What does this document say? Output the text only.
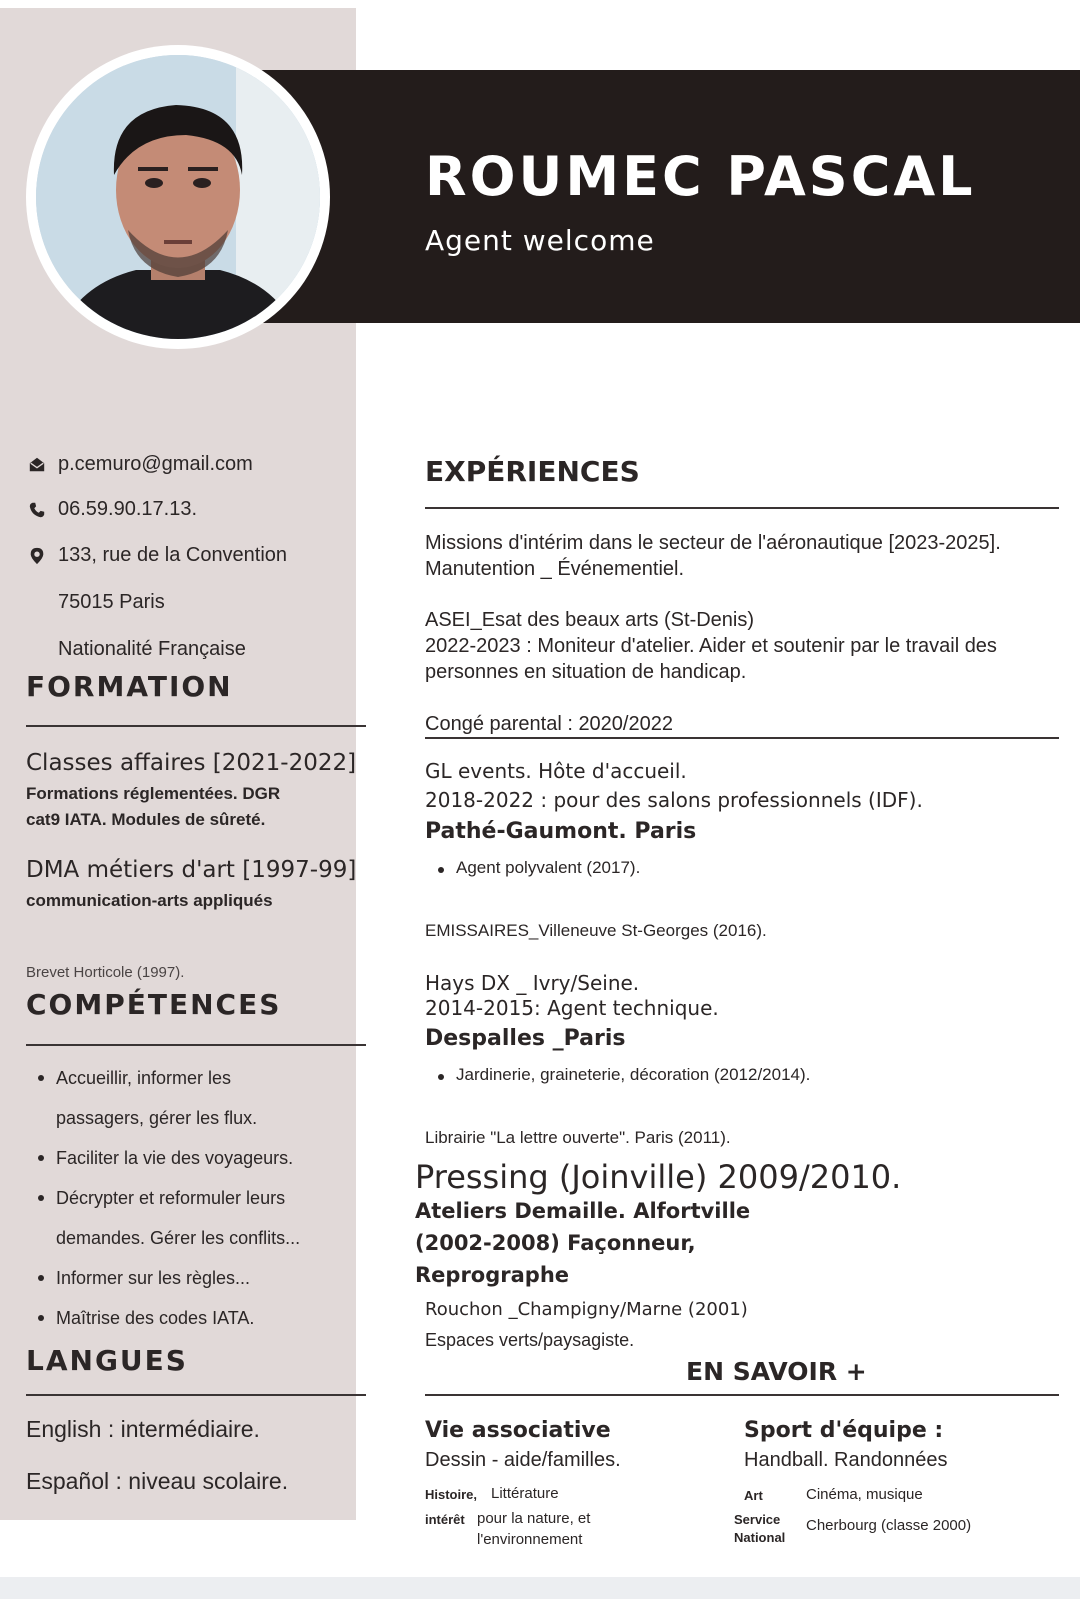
ROUMEC PASCAL
Agent welcome
p.cemuro@gmail.com
06.59.90.17.13.
133, rue de la Convention
75015 Paris
Nationalité Française
FORMATION
Classes affaires [2021-2022]
Formations réglementées. DGR
cat9 IATA. Modules de sûreté.
DMA métiers d'art [1997-99]
communication-arts appliqués
Brevet Horticole (1997).
COMPÉTENCES
Accueillir, informer les
passagers, gérer les flux.
Faciliter la vie des voyageurs.
Décrypter et reformuler leurs
demandes. Gérer les conflits...
Informer sur les règles...
Maîtrise des codes IATA.
LANGUES
English : intermédiaire.
Español : niveau scolaire.
EXPÉRIENCES
Missions d'intérim dans le secteur de l'aéronautique [2023-2025].
Manutention _ Événementiel.
ASEI_Esat des beaux arts (St-Denis)
2022-2023 : Moniteur d'atelier. Aider et soutenir par le travail des
personnes en situation de handicap.
Congé parental : 2020/2022
GL events. Hôte d'accueil.
2018-2022 : pour des salons professionnels (IDF).
Pathé-Gaumont. Paris
Agent polyvalent (2017).
EMISSAIRES_Villeneuve St-Georges (2016).
Hays DX _ Ivry/Seine.
2014-2015: Agent technique.
Despalles _Paris
Jardinerie, graineterie, décoration (2012/2014).
Librairie "La lettre ouverte". Paris (2011).
Pressing (Joinville) 2009/2010.
Ateliers Demaille. Alfortville
(2002-2008) Façonneur,
Reprographe
Rouchon _Champigny/Marne (2001)
Espaces verts/paysagiste.
EN SAVOIR +
Vie associative
Dessin - aide/familles.
Sport d'équipe :
Handball. Randonnées
Histoire, Littérature
intérêt pour la nature, et
l'environnement
Art	Cinéma, musique
Service
National
Cherbourg (classe 2000)
